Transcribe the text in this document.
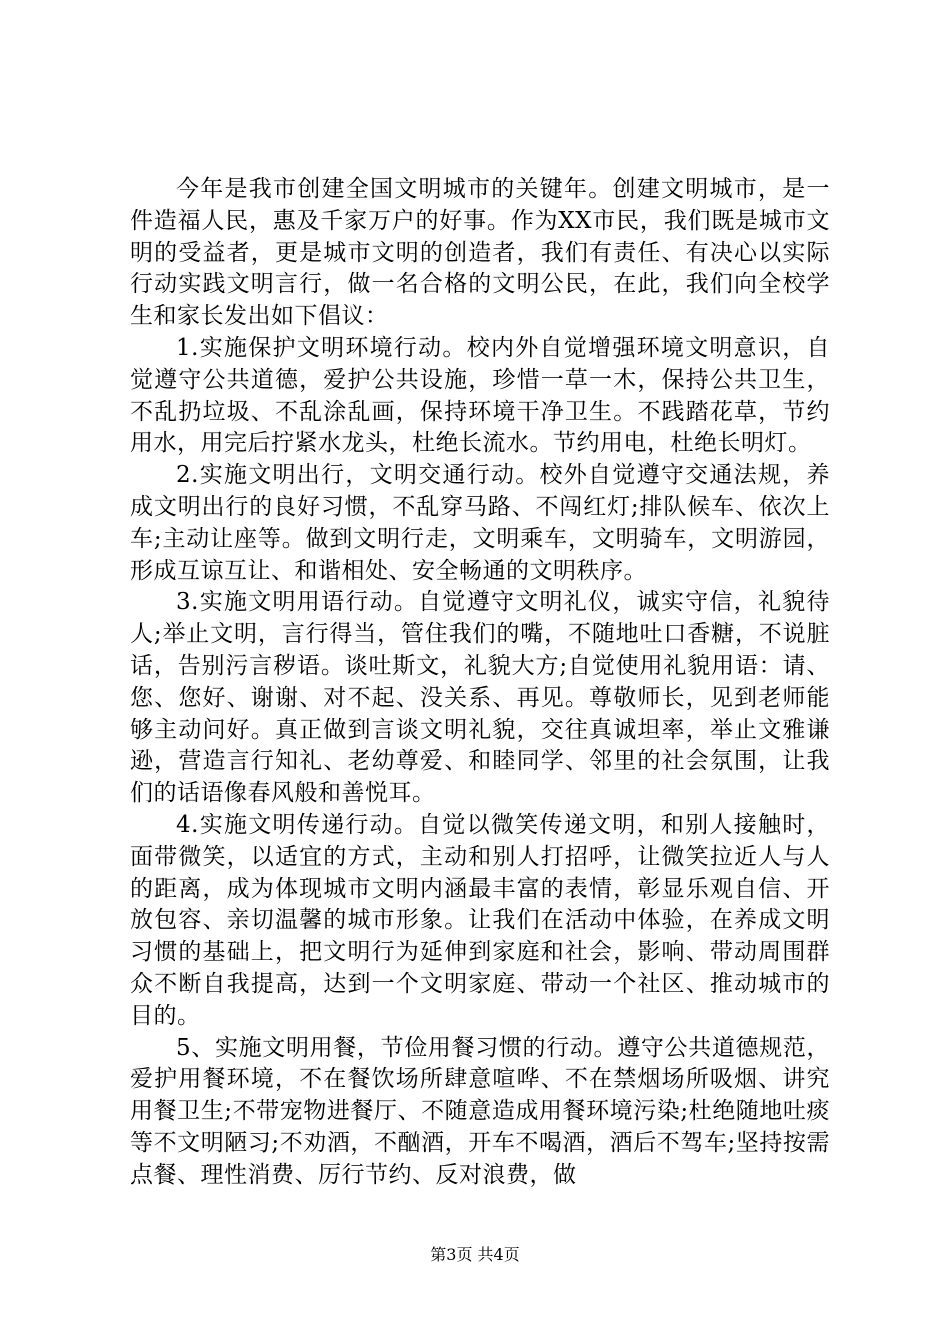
今年是我市创建全国文明城市的关键年。创建文明城市，是一件造福人民，惠及千家万户的好事。作为XX市民，我们既是城市文明的受益者，更是城市文明的创造者，我们有责任、有决心以实际行动实践文明言行，做一名合格的文明公民，在此，我们向全校学生和家长发出如下倡议：

1.实施保护文明环境行动。校内外自觉增强环境文明意识，自觉遵守公共道德，爱护公共设施，珍惜一草一木，保持公共卫生，不乱扔垃圾、不乱涂乱画，保持环境干净卫生。不践踏花草，节约用水，用完后拧紧水龙头，杜绝长流水。节约用电，杜绝长明灯。

2.实施文明出行，文明交通行动。校外自觉遵守交通法规，养成文明出行的良好习惯，不乱穿马路、不闯红灯;排队候车、依次上车;主动让座等。做到文明行走，文明乘车，文明骑车，文明游园，形成互谅互让、和谐相处、安全畅通的文明秩序。

3.实施文明用语行动。自觉遵守文明礼仪，诚实守信，礼貌待人;举止文明，言行得当，管住我们的嘴，不随地吐口香糖，不说脏话，告别污言秽语。谈吐斯文，礼貌大方;自觉使用礼貌用语：请、您、您好、谢谢、对不起、没关系、再见。尊敬师长，见到老师能够主动问好。真正做到言谈文明礼貌，交往真诚坦率，举止文雅谦逊，营造言行知礼、老幼尊爱、和睦同学、邻里的社会氛围，让我们的话语像春风般和善悦耳。

4.实施文明传递行动。自觉以微笑传递文明，和别人接触时，面带微笑，以适宜的方式，主动和别人打招呼，让微笑拉近人与人的距离，成为体现城市文明内涵最丰富的表情，彰显乐观自信、开放包容、亲切温馨的城市形象。让我们在活动中体验，在养成文明习惯的基础上，把文明行为延伸到家庭和社会，影响、带动周围群众不断自我提高，达到一个文明家庭、带动一个社区、推动城市的目的。

5、实施文明用餐，节俭用餐习惯的行动。遵守公共道德规范，爱护用餐环境，不在餐饮场所肆意喧哗、不在禁烟场所吸烟、讲究用餐卫生;不带宠物进餐厅、不随意造成用餐环境污染;杜绝随地吐痰等不文明陋习;不劝酒，不酗酒，开车不喝酒，酒后不驾车;坚持按需点餐、理性消费、厉行节约、反对浪费，做

第3页 共4页
